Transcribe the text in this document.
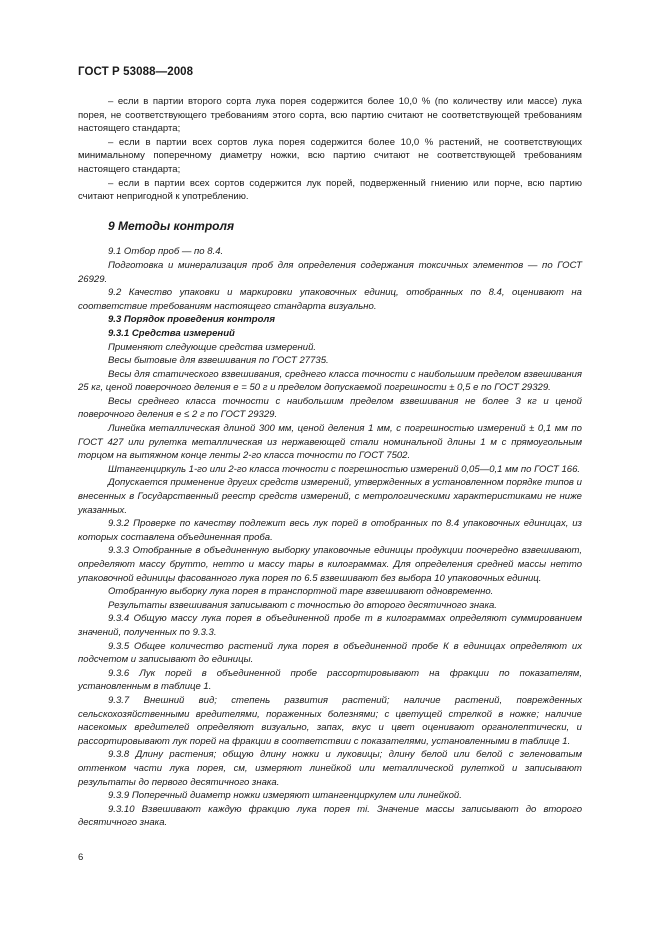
ГОСТ Р 53088—2008

– если в партии второго сорта лука порея содержится более 10,0 % (по количеству или массе) лука порея, не соответствующего требованиям этого сорта, всю партию считают не соответствующей требованиям настоящего стандарта;

– если в партии всех сортов лука порея содержится более 10,0 % растений, не соответствующих минимальному поперечному диаметру ножки, всю партию считают не соответствующей требованиям настоящего стандарта;

– если в партии всех сортов содержится лук порей, подверженный гниению или порче, всю партию считают непригодной к употреблению.

9 Методы контроля

9.1 Отбор проб — по 8.4.

Подготовка и минерализация проб для определения содержания токсичных элементов — по ГОСТ 26929.

9.2 Качество упаковки и маркировки упаковочных единиц, отобранных по 8.4, оценивают на соответствие требованиям настоящего стандарта визуально.

9.3 Порядок проведения контроля

9.3.1 Средства измерений

Применяют следующие средства измерений.

Весы бытовые для взвешивания по ГОСТ 27735.

Весы для статического взвешивания, среднего класса точности с наибольшим пределом взвешивания 25 кг, ценой поверочного деления е = 50 г и пределом допускаемой погрешности ± 0,5 е по ГОСТ 29329.

Весы среднего класса точности с наибольшим пределом взвешивания не более 3 кг и ценой поверочного деления е ≤ 2 г по ГОСТ 29329.

Линейка металлическая длиной 300 мм, ценой деления 1 мм, с погрешностью измерений ± 0,1 мм по ГОСТ 427 или рулетка металлическая из нержавеющей стали номинальной длины 1 м с прямоугольным торцом на вытяжном конце ленты 2-го класса точности по ГОСТ 7502.

Штангенциркуль 1-го или 2-го класса точности с погрешностью измерений 0,05—0,1 мм по ГОСТ 166.

Допускается применение других средств измерений, утвержденных в установленном порядке типов и внесенных в Государственный реестр средств измерений, с метрологическими характеристиками не ниже указанных.

9.3.2 Проверке по качеству подлежит весь лук порей в отобранных по 8.4 упаковочных единицах, из которых составлена объединенная проба.

9.3.3 Отобранные в объединенную выборку упаковочные единицы продукции поочередно взвешивают, определяют массу брутто, нетто и массу тары в килограммах. Для определения средней массы нетто упаковочной единицы фасованного лука порея по 6.5 взвешивают без выбора 10 упаковочных единиц.

Отобранную выборку лука порея в транспортной таре взвешивают одновременно.

Результаты взвешивания записывают с точностью до второго десятичного знака.

9.3.4 Общую массу лука порея в объединенной пробе т в килограммах определяют суммированием значений, полученных по 9.3.3.

9.3.5 Общее количество растений лука порея в объединенной пробе К в единицах определяют их подсчетом и записывают до единицы.

9.3.6 Лук порей в объединенной пробе рассортировывают на фракции по показателям, установленным в таблице 1.

9.3.7 Внешний вид; степень развития растений; наличие растений, поврежденных сельскохозяйственными вредителями, пораженных болезнями; с цветущей стрелкой в ножке; наличие насекомых вредителей определяют визуально, запах, вкус и цвет оценивают органолептически, и рассортировывают лук порей на фракции в соответствии с показателями, установленными в таблице 1.

9.3.8 Длину растения; общую длину ножки и луковицы; длину белой или белой с зеленоватым оттенком части лука порея, см, измеряют линейкой или металлической рулеткой и записывают результаты до первого десятичного знака.

9.3.9 Поперечный диаметр ножки измеряют штангенциркулем или линейкой.

9.3.10 Взвешивают каждую фракцию лука порея mi. Значение массы записывают до второго десятичного знака.

6
